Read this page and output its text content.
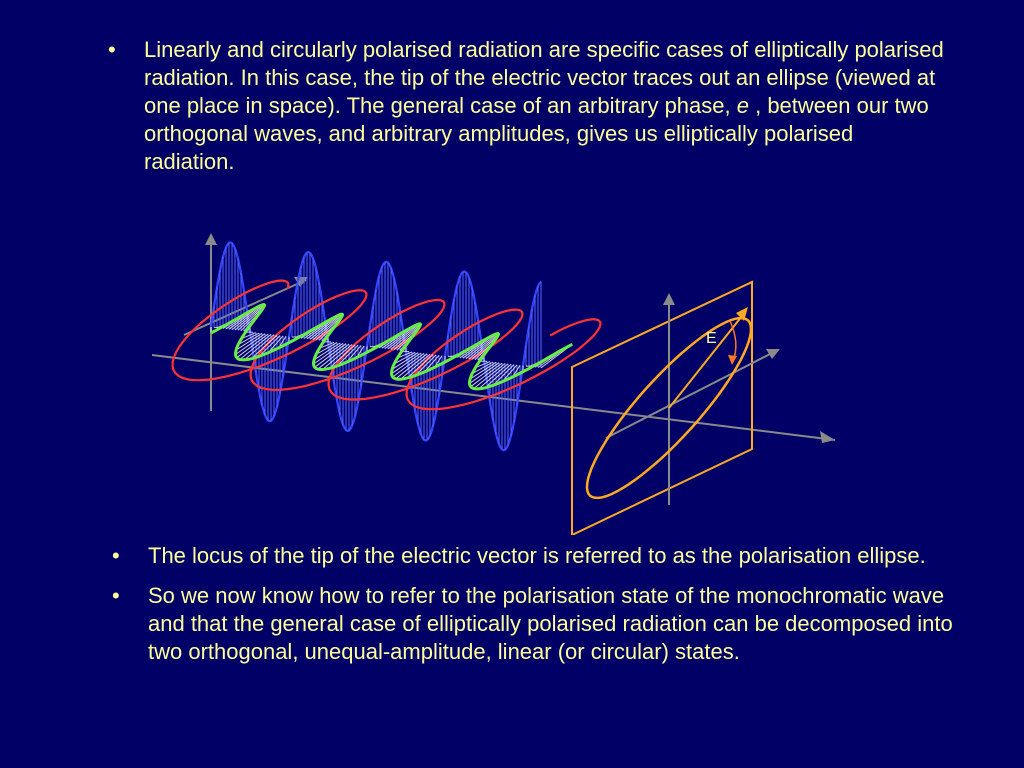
•	Linearly and circularly polarised radiation are specific cases of elliptically polarised radiation. In this case, the tip of the electric vector traces out an ellipse (viewed at one place in space). The general case of an arbitrary phase, e , between our two orthogonal waves, and arbitrary amplitudes, gives us elliptically polarised radiation.
E
•	The locus of the tip of the electric vector is referred to as the polarisation ellipse.
•	So we now know how to refer to the polarisation state of the monochromatic wave and that the general case of elliptically polarised radiation can be decomposed into two orthogonal, unequal-amplitude, linear (or circular) states.
